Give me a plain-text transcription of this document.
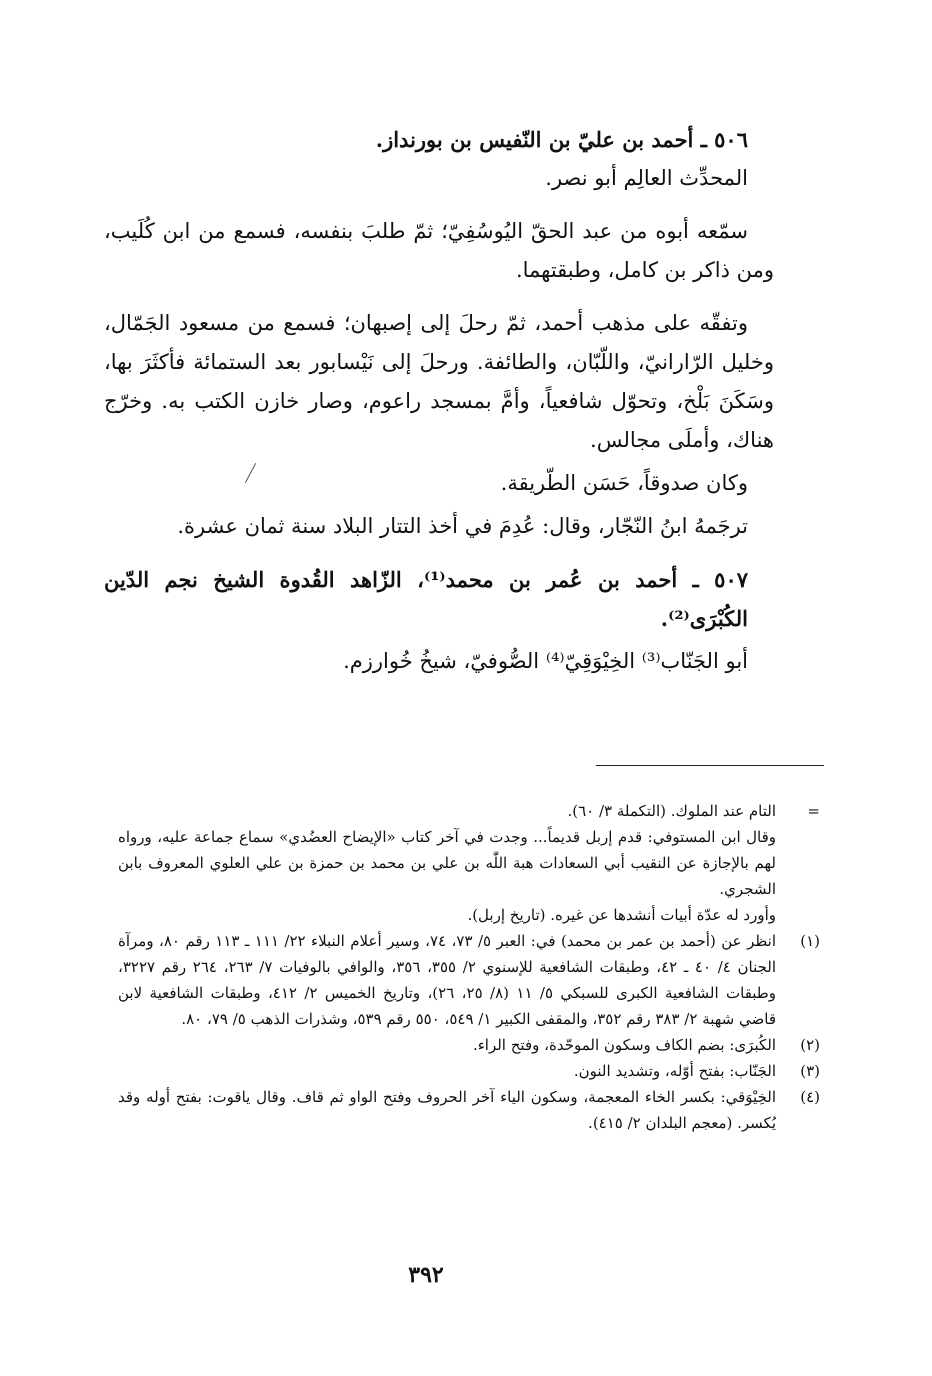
٥٠٦ ـ أحمد بن عليّ بن النّفيس بن بورنداز.

المحدِّث العالِم أبو نصر.

سمّعه أبوه من عبد الحقّ اليُوسُفِيّ؛ ثمّ طلبَ بنفسه، فسمع من ابن كُلَيب، ومن ذاكر بن كامل، وطبقتهما.

وتفقّه على مذهب أحمد، ثمّ رحلَ إلى إصبهان؛ فسمع من مسعود الجَمّال، وخليل الرّارانيّ، واللّبّان، والطائفة. ورحلَ إلى نَيْسابور بعد الستمائة فأكثَرَ بها، وسَكَنَ بَلْخ، وتحوّل شافعياً، وأمَّ بمسجد راعوم، وصار خازن الكتب به. وخرّج هناك، وأملَى مجالس.

وكان صدوقاً، حَسَن الطّريقة.

ترجَمهُ ابنُ النّجّار، وقال: عُدِمَ في أخذ التتار البلاد سنة ثمان عشرة.

٥٠٧ ـ أحمد بن عُمر بن محمد⁽¹⁾، الزّاهد القُدوة الشيخ نجم الدّين الكُبْرَى⁽²⁾.

أبو الجَنّاب⁽³⁾ الخِيْوَقِيّ⁽⁴⁾ الصُّوفيّ، شيخُ خُوارزم.

=
التام عند الملوك. (التكملة ٣/ ٦٠).
وقال ابن المستوفي: قدم إربل قديماً... وجدت في آخر كتاب «الإيضاح العضُدي» سماع جماعة عليه، ورواه لهم بالإجازة عن النقيب أبي السعادات هبة اللّٰه بن علي بن محمد بن حمزة بن علي العلوي المعروف بابن الشجري.
وأورد له عدّة أبيات أنشدها عن غيره. (تاريخ إربل).
(١)
انظر عن (أحمد بن عمر بن محمد) في: العبر ٥/ ٧٣، ٧٤، وسير أعلام النبلاء ٢٢/ ١١١ ـ ١١٣ رقم ٨٠، ومرآة الجنان ٤/ ٤٠ ـ ٤٢، وطبقات الشافعية للإسنوي ٢/ ٣٥٥، ٣٥٦، والوافي بالوفيات ٧/ ٢٦٣، ٢٦٤ رقم ٣٢٢٧، وطبقات الشافعية الكبرى للسبكي ٥/ ١١ (٨/ ٢٥، ٢٦)، وتاريخ الخميس ٢/ ٤١٢، وطبقات الشافعية لابن قاضي شهبة ٢/ ٣٨٣ رقم ٣٥٢، والمقفى الكبير ١/ ٥٤٩، ٥٥٠ رقم ٥٣٩، وشذرات الذهب ٥/ ٧٩، ٨٠.
(٢)
الكُبرَى: بضم الكاف وسكون الموحّدة، وفتح الراء.
(٣)
الجَنّاب: بفتح أوّله، وتشديد النون.
(٤)
الخِيْوَقي: بكسر الخاء المعجمة، وسكون الياء آخر الحروف وفتح الواو ثم قاف. وقال ياقوت: بفتح أوله وقد يُكسر. (معجم البلدان ٢/ ٤١٥).
٣٩٢
